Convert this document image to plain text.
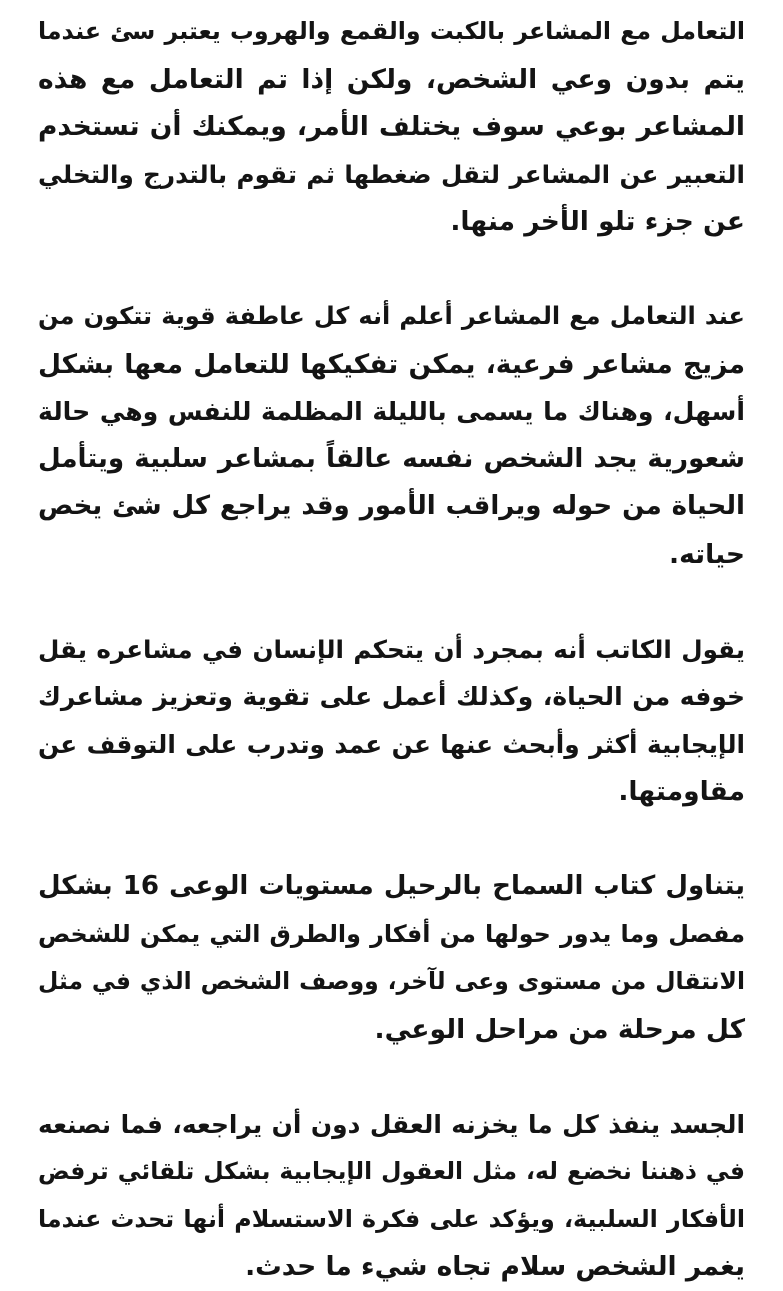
التعامل مع المشاعر بالكبت والقمع والهروب يعتبر سئ عندما
يتم بدون وعي الشخص، ولكن إذا تم التعامل مع هذه
المشاعر بوعي سوف يختلف الأمر، ويمكنك أن تستخدم
التعبير عن المشاعر لتقل ضغطها ثم تقوم بالتدرج والتخلي
عن جزء تلو الأخر منها.
عند التعامل مع المشاعر أعلم أنه كل عاطفة قوية تتكون من
مزيج مشاعر فرعية، يمكن تفكيكها للتعامل معها بشكل
أسهل، وهناك ما يسمى بالليلة المظلمة للنفس وهي حالة
شعورية يجد الشخص نفسه عالقاً بمشاعر سلبية ويتأمل
الحياة من حوله ويراقب الأمور وقد يراجع كل شئ يخص
حياته.
يقول الكاتب أنه بمجرد أن يتحكم الإنسان في مشاعره يقل
خوفه من الحياة، وكذلك أعمل على تقوية وتعزيز مشاعرك
الإيجابية أكثر وأبحث عنها عن عمد وتدرب على التوقف عن
مقاومتها.
يتناول كتاب السماح بالرحيل مستويات الوعى 16 بشكل
مفصل وما يدور حولها من أفكار والطرق التي يمكن للشخص
الانتقال من مستوى وعى لآخر، ووصف الشخص الذي في مثل
كل مرحلة من مراحل الوعي.
الجسد ينفذ كل ما يخزنه العقل دون أن يراجعه، فما نصنعه
في ذهننا نخضع له، مثل العقول الإيجابية بشكل تلقائي ترفض
الأفكار السلبية، ويؤكد على فكرة الاستسلام أنها تحدث عندما
يغمر الشخص سلام تجاه شيء ما حدث.
